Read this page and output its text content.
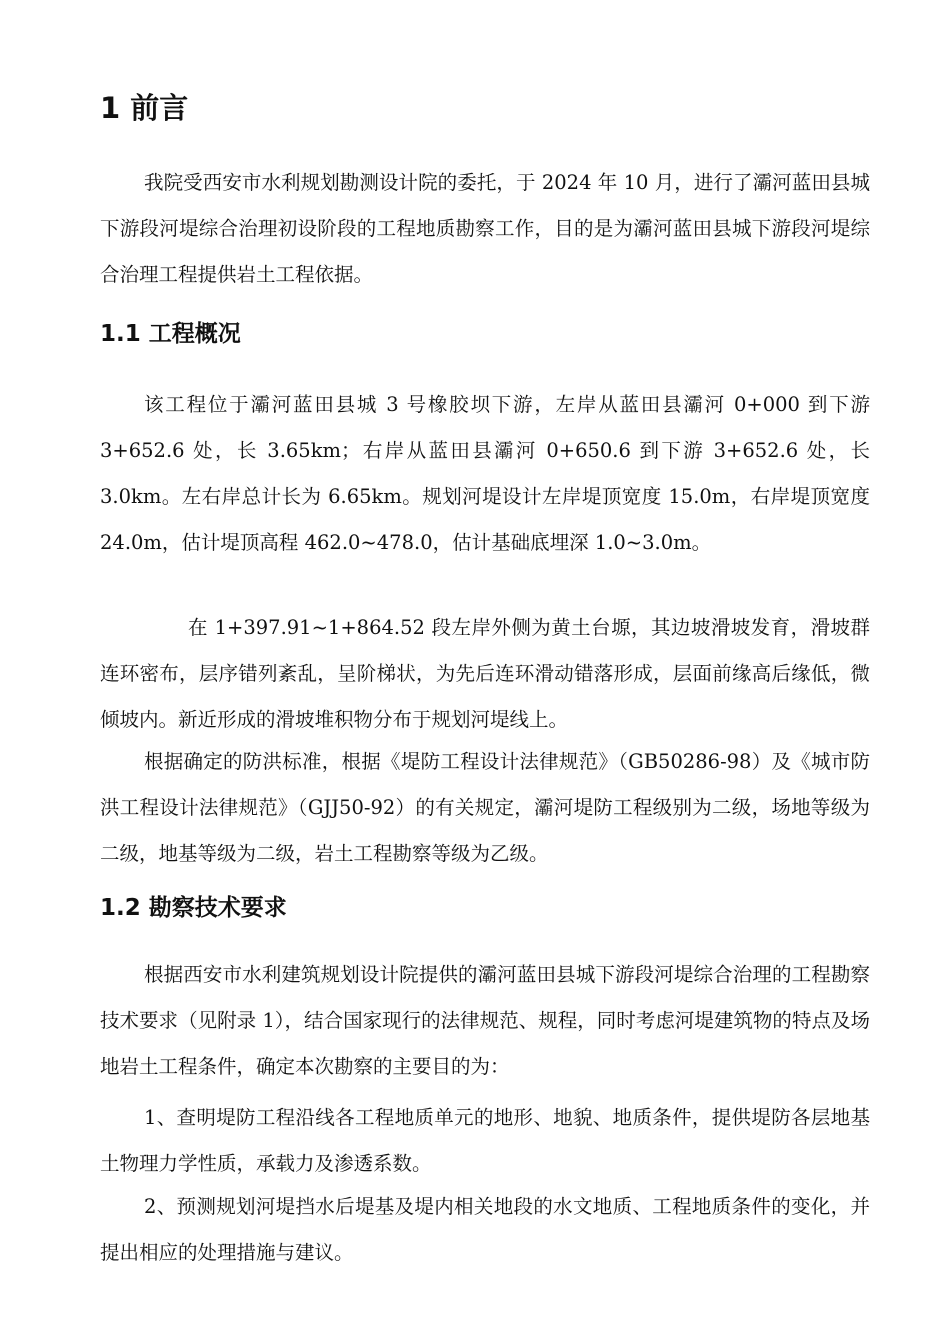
1 前言

我院受西安市水利规划勘测设计院的委托，于 2024 年 10 月，进行了灞河蓝田县城下游段河堤综合治理初设阶段的工程地质勘察工作，目的是为灞河蓝田县城下游段河堤综合治理工程提供岩土工程依据。

1.1 工程概况

该工程位于灞河蓝田县城 3 号橡胶坝下游，左岸从蓝田县灞河 0+000 到下游 3+652.6 处，长 3.65km；右岸从蓝田县灞河 0+650.6 到下游 3+652.6 处，长 3.0km。左右岸总计长为 6.65km。规划河堤设计左岸堤顶宽度 15.0m，右岸堤顶宽度 24.0m，估计堤顶高程 462.0~478.0，估计基础底埋深 1.0~3.0m。

在 1+397.91~1+864.52 段左岸外侧为黄土台塬，其边坡滑坡发育，滑坡群连环密布，层序错列紊乱，呈阶梯状，为先后连环滑动错落形成，层面前缘高后缘低，微倾坡内。新近形成的滑坡堆积物分布于规划河堤线上。

根据确定的防洪标准，根据《堤防工程设计法律规范》（GB50286-98）及《城市防洪工程设计法律规范》（GJJ50-92）的有关规定，灞河堤防工程级别为二级，场地等级为二级，地基等级为二级，岩土工程勘察等级为乙级。

1.2 勘察技术要求

根据西安市水利建筑规划设计院提供的灞河蓝田县城下游段河堤综合治理的工程勘察技术要求（见附录 1），结合国家现行的法律规范、规程，同时考虑河堤建筑物的特点及场地岩土工程条件，确定本次勘察的主要目的为：

1、查明堤防工程沿线各工程地质单元的地形、地貌、地质条件，提供堤防各层地基土物理力学性质，承载力及渗透系数。

2、预测规划河堤挡水后堤基及堤内相关地段的水文地质、工程地质条件的变化，并提出相应的处理措施与建议。
